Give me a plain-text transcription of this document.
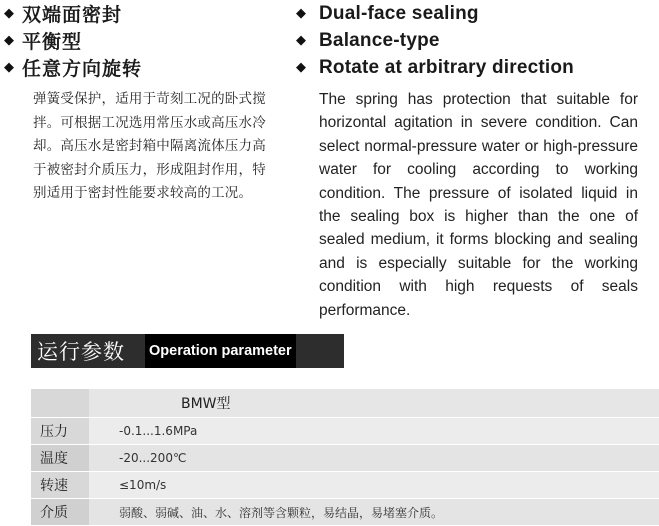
◆ 双端面密封
◆ 平衡型
◆ 任意方向旋转
◆ Dual-face sealing
◆ Balance-type
◆ Rotate at arbitrary direction
弹簧受保护，适用于苛刻工况的卧式搅拌。可根据工况选用常压水或高压水冷却。高压水是密封箱中隔离流体压力高于被密封介质压力，形成阻封作用，特别适用于密封性能要求较高的工况。
The spring has protection that suitable for horizontal agitation in severe condition. Can select normal-pressure water or high-pressure water for cooling according to working condition. The pressure of isolated liquid in the sealing box is higher than the one of sealed medium, it forms blocking and sealing and is especially suitable for the working condition with high requests of seals performance.
运行参数 Operation parameter
BMW型
压力	-0.1...1.6MPa
温度	-20...200℃
转速	≤10m/s
介质	弱酸、弱碱、油、水、溶剂等含颗粒，易结晶，易堵塞介质。
